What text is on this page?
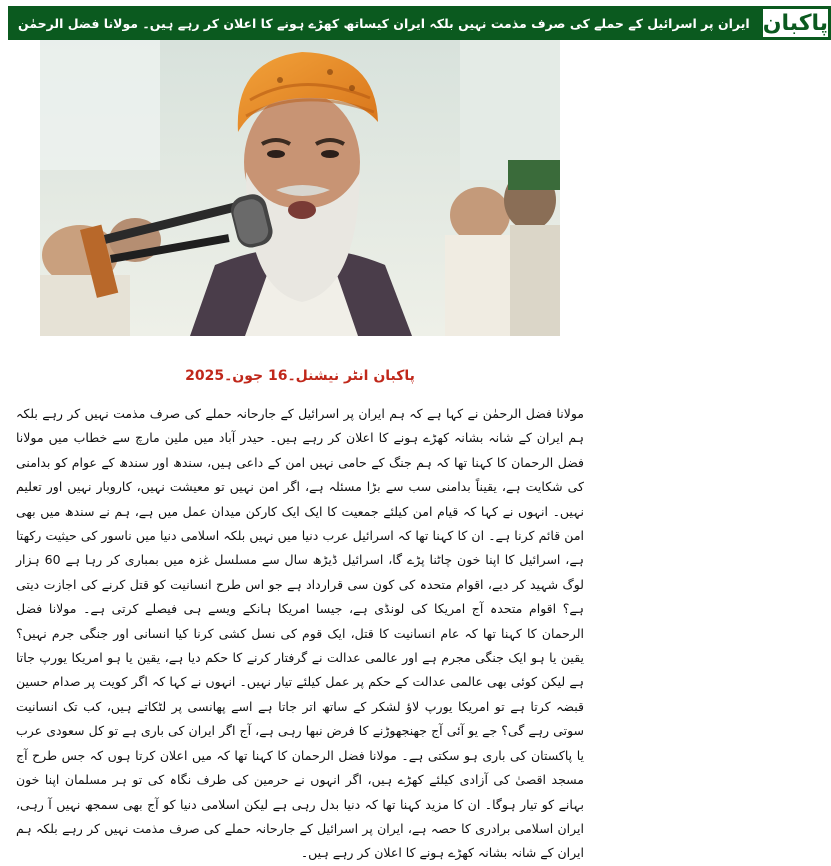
ایران پر اسرائیل کے حملے کی صرف مذمت نہیں بلکہ ایران کیساتھ کھڑے ہونے کا اعلان کر رہے ہیں۔ مولانا فضل الرحمٰن پاکبان
پاکبان انٹر نیشنل۔16 جون۔2025

مولانا فضل الرحمٰن نے کہا ہے کہ ہم ایران پر اسرائیل کے جارحانہ حملے کی صرف مذمت نہیں کر رہے بلکہ ہم ایران کے شانہ بشانہ کھڑے ہونے کا اعلان کر رہے ہیں۔ حیدر آباد میں ملین مارچ سے خطاب میں مولانا فضل الرحمان کا کہنا تھا کہ ہم جنگ کے حامی نہیں امن کے داعی ہیں، سندھ اور سندھ کے عوام کو بدامنی کی شکایت ہے، یقیناً بدامنی سب سے بڑا مسئلہ ہے، اگر امن نہیں تو معیشت نہیں، کاروبار نہیں اور تعلیم نہیں۔ انہوں نے کہا کہ قیام امن کیلئے جمعیت کا ایک ایک کارکن میدان عمل میں ہے، ہم نے سندھ میں بھی امن قائم کرنا ہے۔ ان کا کہنا تھا کہ اسرائیل عرب دنیا میں نہیں بلکہ اسلامی دنیا میں ناسور کی حیثیت رکھتا ہے، اسرائیل کا اپنا خون چاٹنا پڑے گا، اسرائیل ڈیڑھ سال سے مسلسل غزہ میں بمباری کر رہا ہے 60 ہزار لوگ شہید کر دیے، اقوام متحدہ کی کون سی قرارداد ہے جو اس طرح انسانیت کو قتل کرنے کی اجازت دیتی ہے؟ اقوام متحدہ آج امریکا کی لونڈی ہے، جیسا امریکا ہانکے ویسے ہی فیصلے کرتی ہے۔ مولانا فضل الرحمان کا کہنا تھا کہ عام انسانیت کا قتل، ایک قوم کی نسل کشی کرنا کیا انسانی اور جنگی جرم نہیں؟ یقین یا ہو ایک جنگی مجرم ہے اور عالمی عدالت نے گرفتار کرنے کا حکم دیا ہے، یقین یا ہو امریکا یورپ جاتا ہے لیکن کوئی بھی عالمی عدالت کے حکم پر عمل کیلئے تیار نہیں۔ انہوں نے کہا کہ اگر کویت پر صدام حسین قبضہ کرتا ہے تو امریکا یورپ لاؤ لشکر کے ساتھ اتر جاتا ہے اسے پھانسی پر لٹکاتے ہیں، کب تک انسانیت سوتی رہے گی؟ جے یو آئی آج جھنجھوڑنے کا فرض نبھا رہی ہے، آج اگر ایران کی باری ہے تو کل سعودی عرب یا پاکستان کی باری ہو سکتی ہے۔ مولانا فضل الرحمان کا کہنا تھا کہ میں اعلان کرتا ہوں کہ جس طرح آج مسجد اقصیٰ کی آزادی کیلئے کھڑے ہیں، اگر انہوں نے حرمین کی طرف نگاہ کی تو ہر مسلمان اپنا خون بہانے کو تیار ہوگا۔ ان کا مزید کہنا تھا کہ دنیا بدل رہی ہے لیکن اسلامی دنیا کو آج بھی سمجھ نہیں آ رہی، ایران اسلامی برادری کا حصہ ہے، ایران پر اسرائیل کے جارحانہ حملے کی صرف مذمت نہیں کر رہے بلکہ ہم ایران کے شانہ بشانہ کھڑے ہونے کا اعلان کر رہے ہیں۔
